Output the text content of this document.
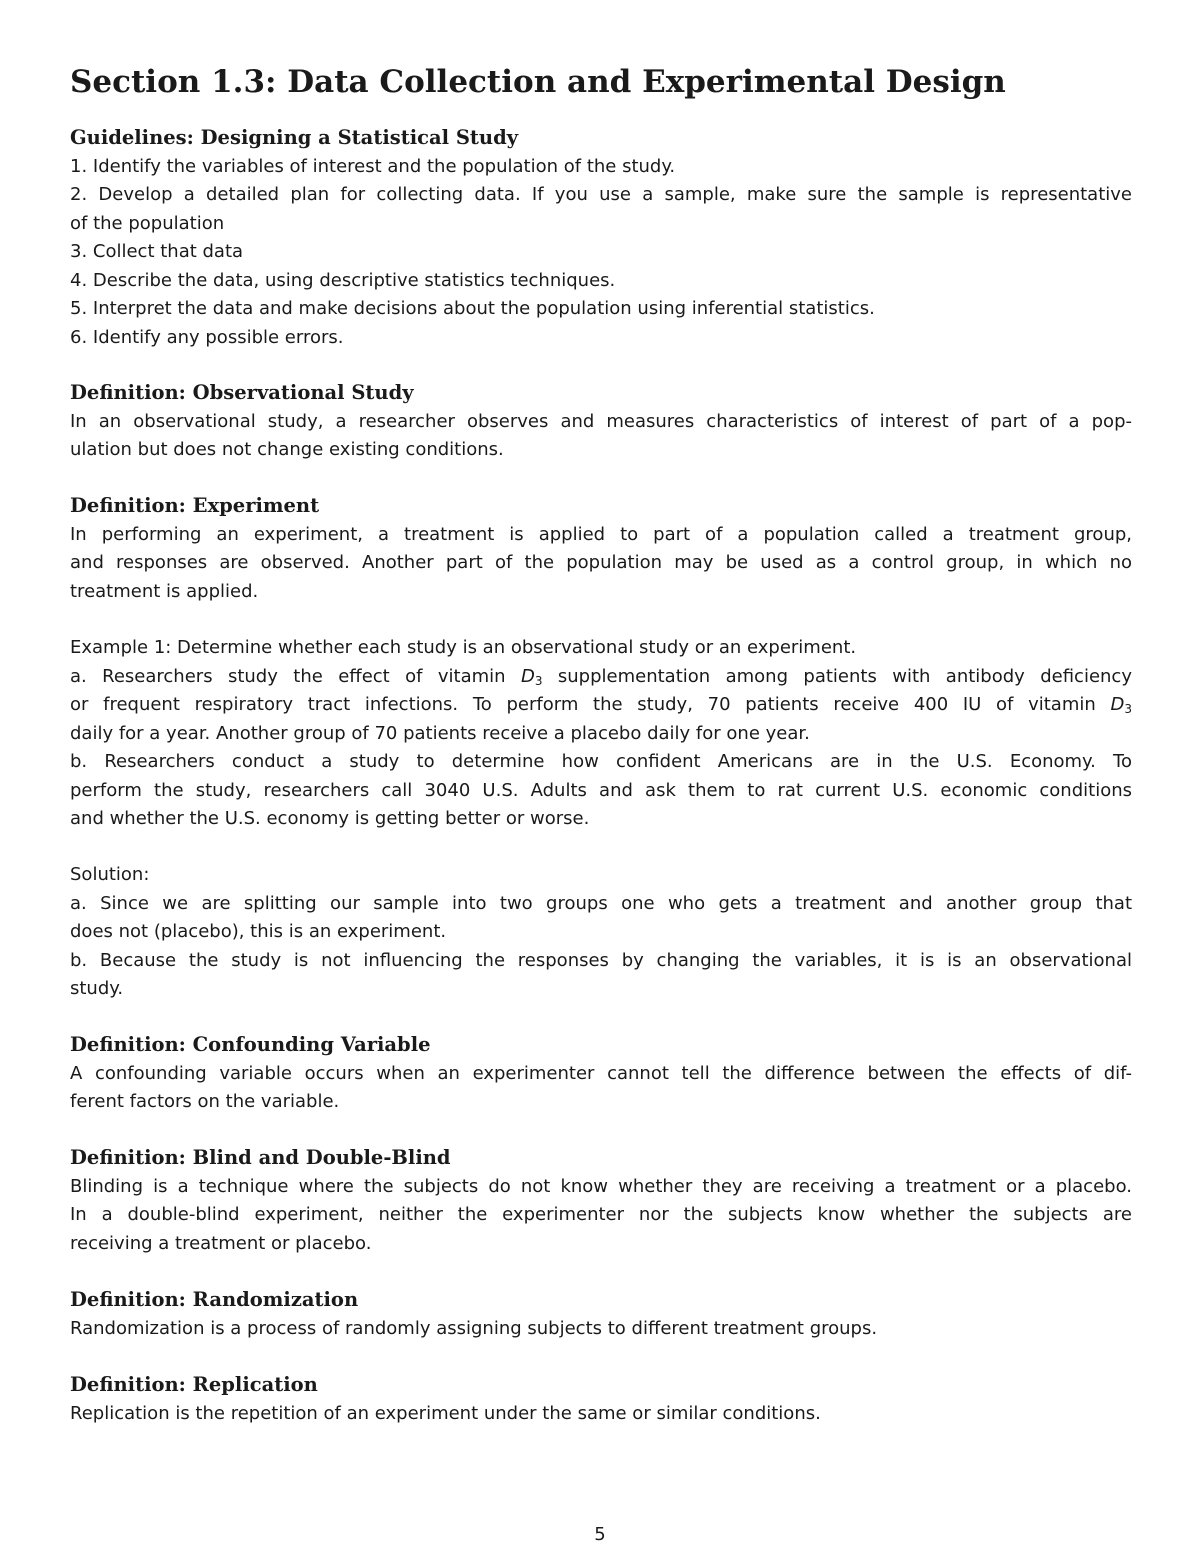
Section 1.3: Data Collection and Experimental Design
Guidelines: Designing a Statistical Study
1. Identify the variables of interest and the population of the study.
2. Develop a detailed plan for collecting data. If you use a sample, make sure the sample is representative
of the population
3. Collect that data
4. Describe the data, using descriptive statistics techniques.
5. Interpret the data and make decisions about the population using inferential statistics.
6. Identify any possible errors.
Definition: Observational Study
In an observational study, a researcher observes and measures characteristics of interest of part of a pop-
ulation but does not change existing conditions.
Definition: Experiment
In performing an experiment, a treatment is applied to part of a population called a treatment group,
and responses are observed. Another part of the population may be used as a control group, in which no
treatment is applied.
Example 1: Determine whether each study is an observational study or an experiment.
a. Researchers study the effect of vitamin $D_3$ supplementation among patients with antibody deficiency
or frequent respiratory tract infections. To perform the study, 70 patients receive 400 IU of vitamin $D_3$
daily for a year. Another group of 70 patients receive a placebo daily for one year.
b. Researchers conduct a study to determine how confident Americans are in the U.S. Economy. To
perform the study, researchers call 3040 U.S. Adults and ask them to rat current U.S. economic conditions
and whether the U.S. economy is getting better or worse.
Solution:
a. Since we are splitting our sample into two groups one who gets a treatment and another group that
does not (placebo), this is an experiment.
b. Because the study is not influencing the responses by changing the variables, it is is an observational
study.
Definition: Confounding Variable
A confounding variable occurs when an experimenter cannot tell the difference between the effects of dif-
ferent factors on the variable.
Definition: Blind and Double-Blind
Blinding is a technique where the subjects do not know whether they are receiving a treatment or a placebo.
In a double-blind experiment, neither the experimenter nor the subjects know whether the subjects are
receiving a treatment or placebo.
Definition: Randomization
Randomization is a process of randomly assigning subjects to different treatment groups.
Definition: Replication
Replication is the repetition of an experiment under the same or similar conditions.
5
